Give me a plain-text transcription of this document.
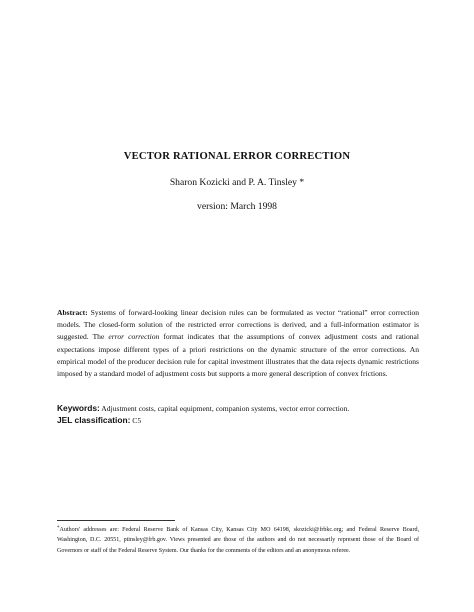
VECTOR RATIONAL ERROR CORRECTION
Sharon Kozicki and P. A. Tinsley *
version: March 1998
Abstract: Systems of forward-looking linear decision rules can be formulated as vector “rational” error correction models. The closed-form solution of the restricted error corrections is derived, and a full-information estimator is suggested. The error correction format indicates that the assumptions of convex adjustment costs and rational expectations impose different types of a priori restrictions on the dynamic structure of the error corrections. An empirical model of the producer decision rule for capital investment illustrates that the data rejects dynamic restrictions imposed by a standard model of adjustment costs but supports a more general description of convex frictions.
Keywords: Adjustment costs, capital equipment, companion systems, vector error correction.
JEL classification: C5
*Authors' addresses are: Federal Reserve Bank of Kansas City, Kansas City MO 64198, skozicki@frbkc.org; and Federal Reserve Board, Washington, D.C. 20551, ptinsley@frb.gov. Views presented are those of the authors and do not necessarily represent those of the Board of Governors or staff of the Federal Reserve System. Our thanks for the comments of the editors and an anonymous referee.
